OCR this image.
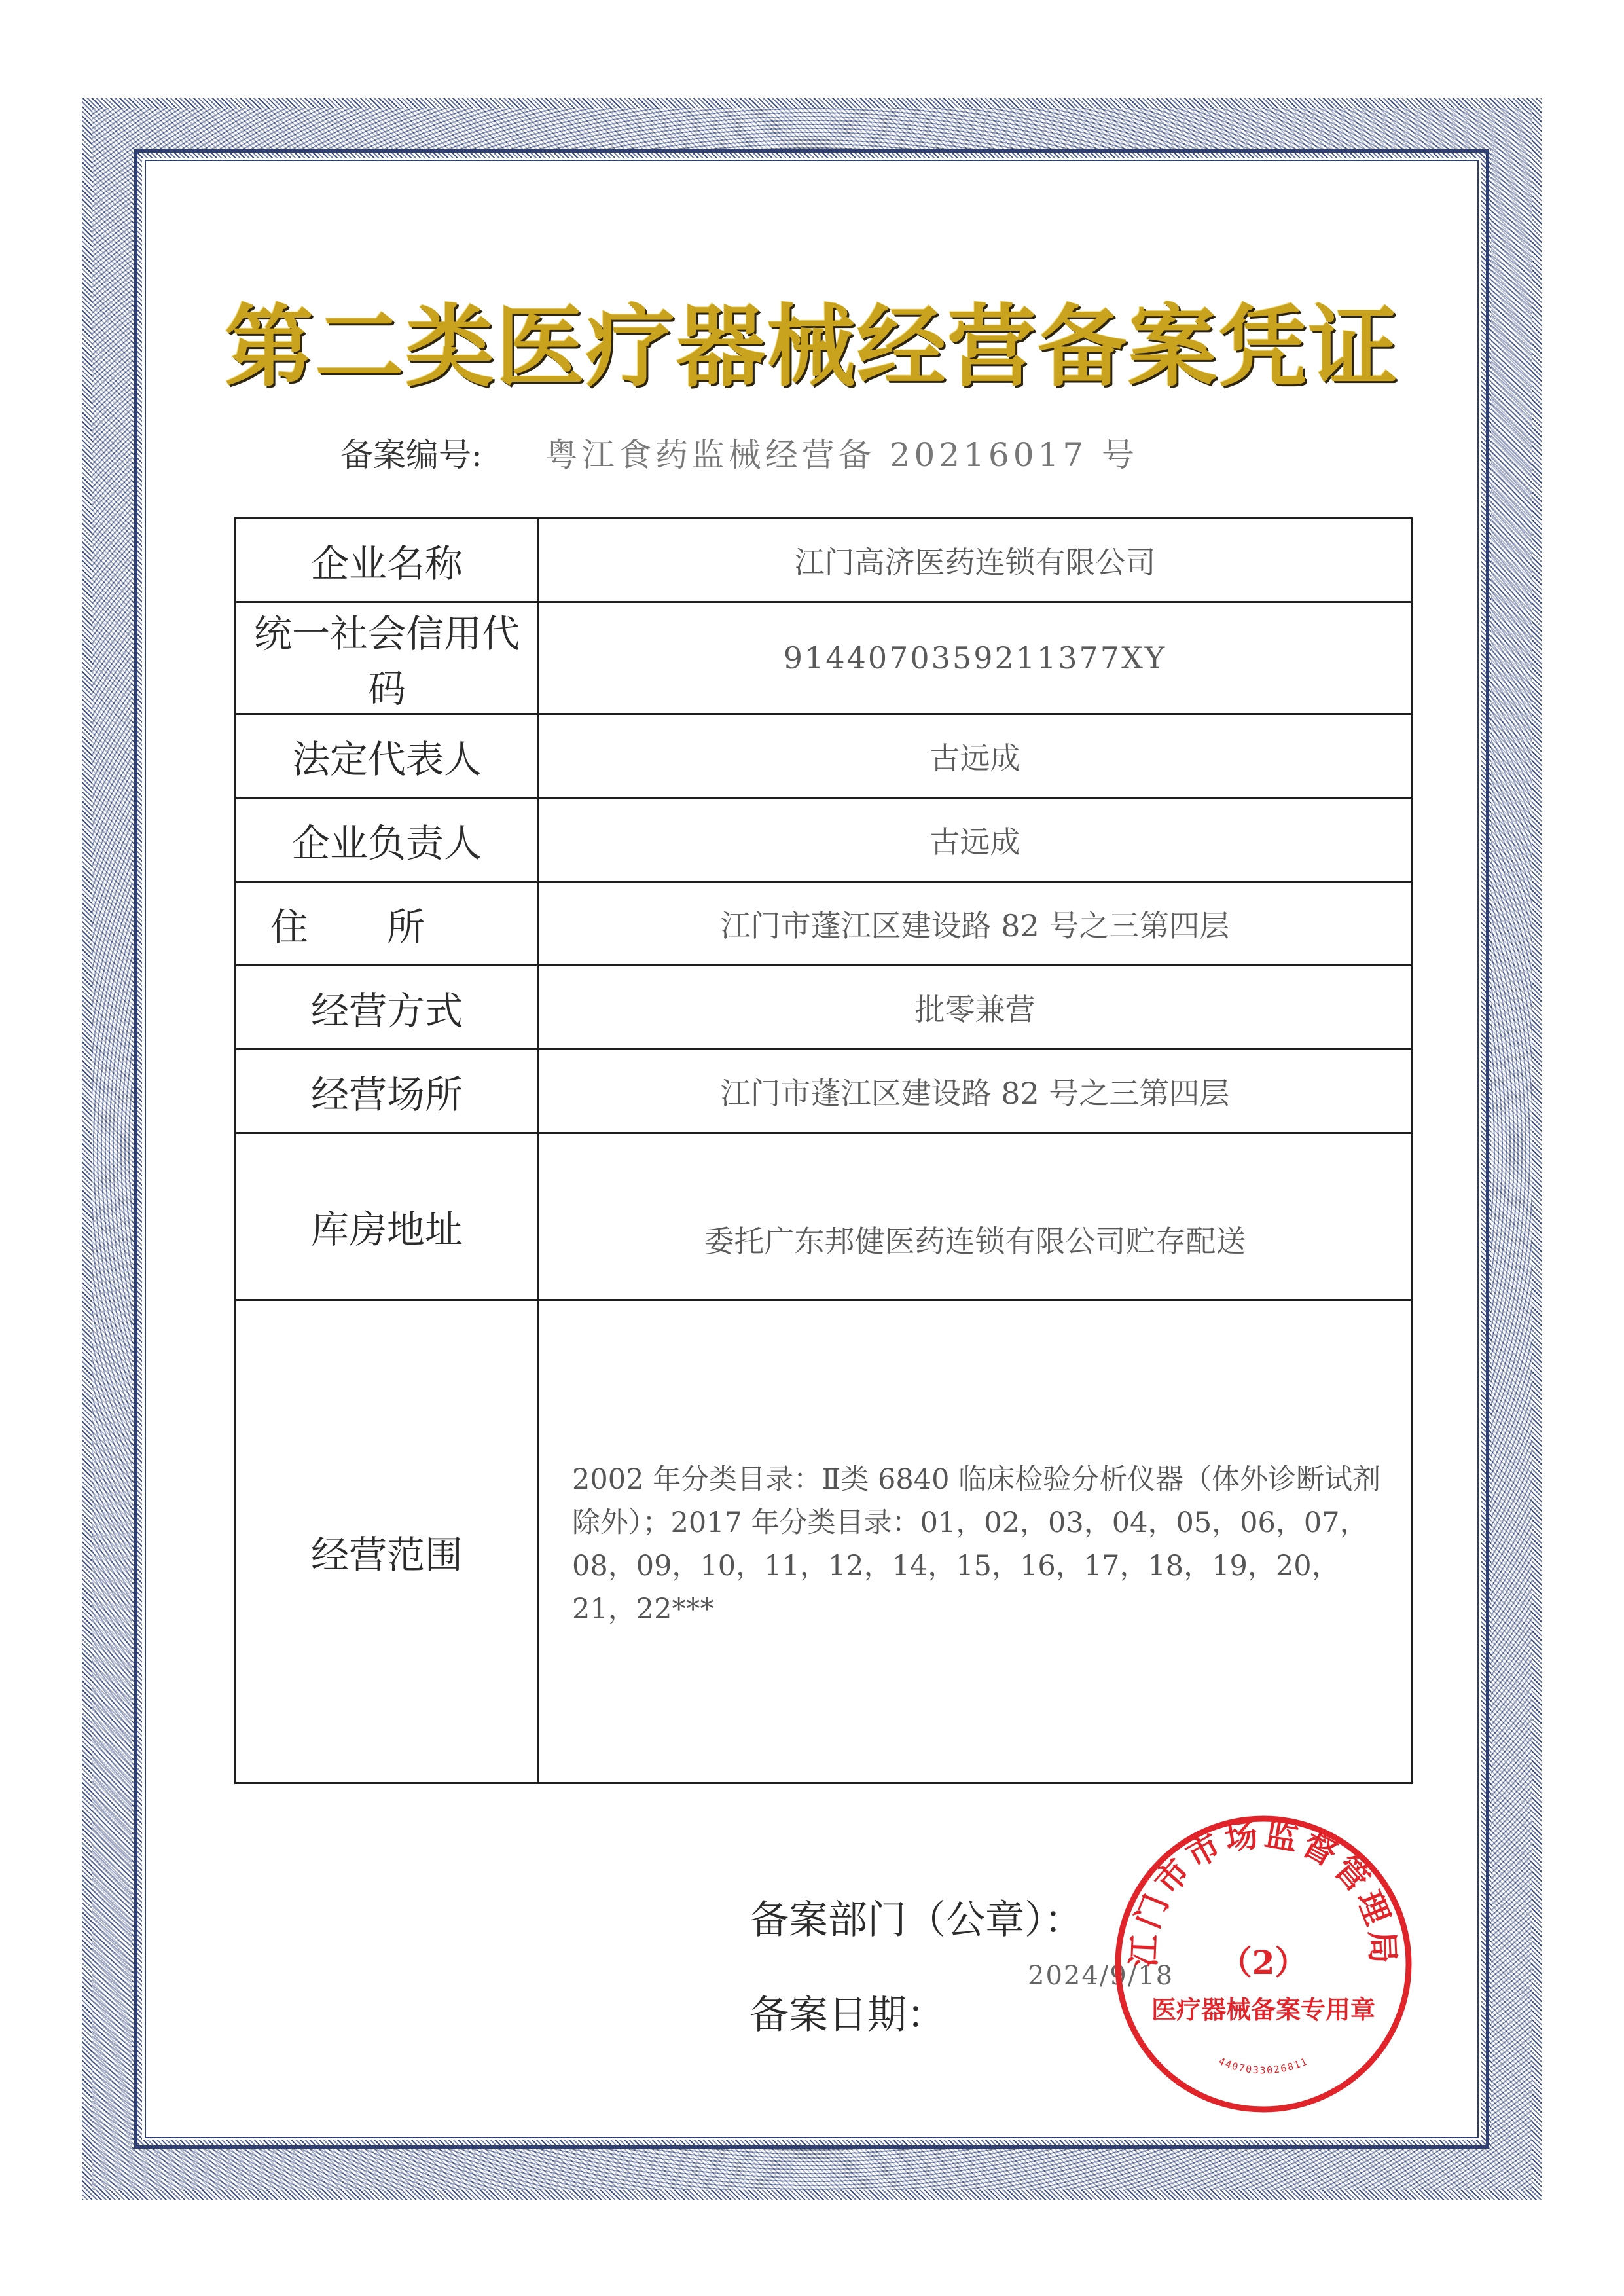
第二类医疗器械经营备案凭证
备案编号: 粤江食药监械经营备 20216017 号
企业名称	江门高济医药连锁有限公司
统一社会信用代码	9144070359211377XY
法定代表人	古远成
企业负责人	古远成
住所	江门市蓬江区建设路 82 号之三第四层
经营方式	批零兼营
经营场所	江门市蓬江区建设路 82 号之三第四层
库房地址	委托广东邦健医药连锁有限公司贮存配送
经营范围	2002 年分类目录：Ⅱ类 6840 临床检验分析仪器（体外诊断试剂除外）；2017 年分类目录：01，02，03，04，05，06，07，08，09，10，11，12，14，15，16，17，18，19，20，21，22***
备案部门（公章）：
备案日期：
2024/9/18
江门市市场监督管理局
（2）
医疗器械备案专用章
4407033026811
